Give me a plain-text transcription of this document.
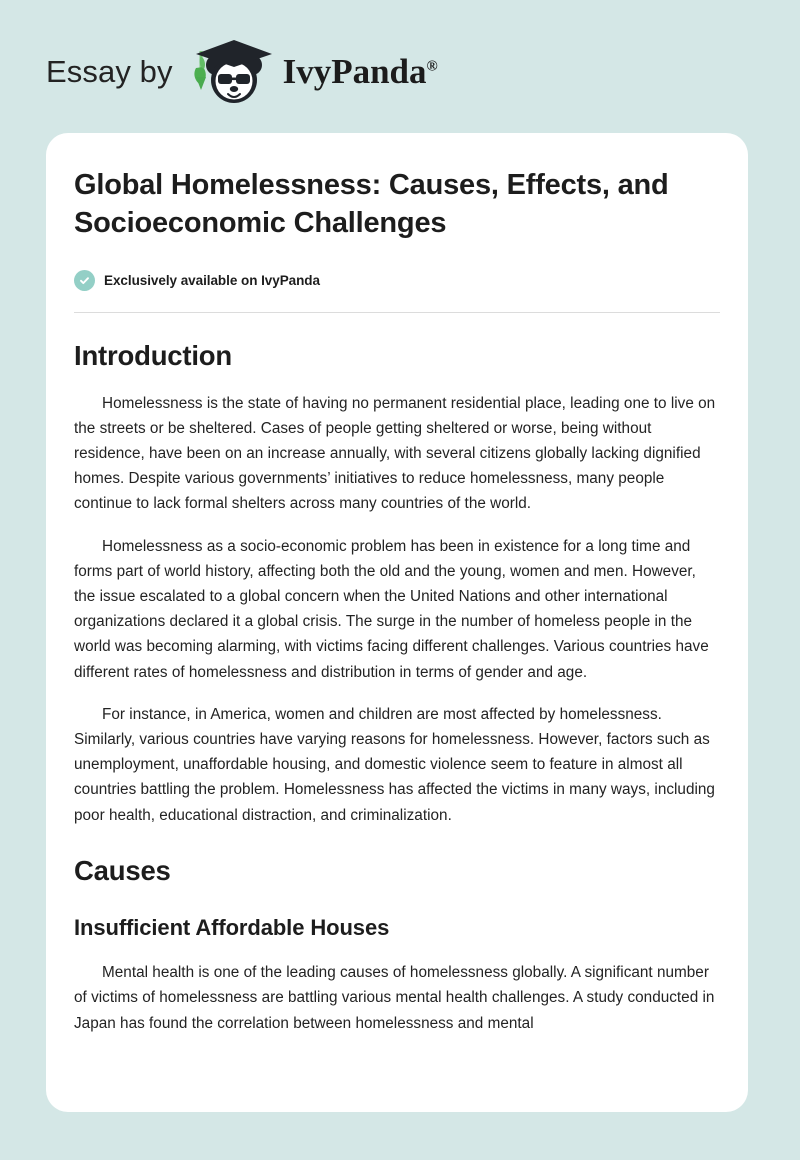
Essay by	IvyPanda®
Global Homelessness: Causes, Effects, and Socioeconomic Challenges
Exclusively available on IvyPanda
Introduction

Homelessness is the state of having no permanent residential place, leading one to live on the streets or be sheltered. Cases of people getting sheltered or worse, being without residence, have been on an increase annually, with several citizens globally lacking dignified homes. Despite various governments’ initiatives to reduce homelessness, many people continue to lack formal shelters across many countries of the world.

Homelessness as a socio-economic problem has been in existence for a long time and forms part of world history, affecting both the old and the young, women and men. However, the issue escalated to a global concern when the United Nations and other international organizations declared it a global crisis. The surge in the number of homeless people in the world was becoming alarming, with victims facing different challenges. Various countries have different rates of homelessness and distribution in terms of gender and age.

For instance, in America, women and children are most affected by homelessness. Similarly, various countries have varying reasons for homelessness. However, factors such as unemployment, unaffordable housing, and domestic violence seem to feature in almost all countries battling the problem. Homelessness has affected the victims in many ways, including poor health, educational distraction, and criminalization.

Causes
Insufficient Affordable Houses

Mental health is one of the leading causes of homelessness globally. A significant number of victims of homelessness are battling various mental health challenges. A study conducted in Japan has found the correlation between homelessness and mental
